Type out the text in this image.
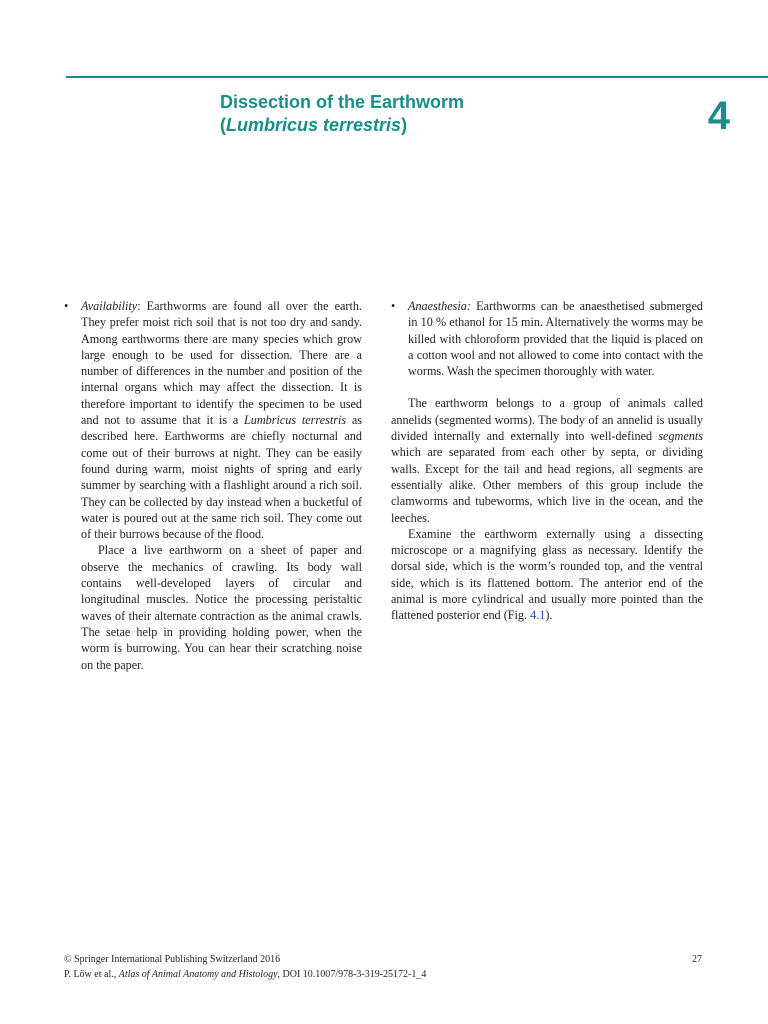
Dissection of the Earthworm
(Lumbricus terrestris)	4

• Availability: Earthworms are found all over the earth. They prefer moist rich soil that is not too dry and sandy. Among earthworms there are many species which grow large enough to be used for dissection. There are a number of differences in the number and position of the internal organs which may affect the dissection. It is therefore important to identify the specimen to be used and not to assume that it is a Lumbricus terrestris as described here. Earthworms are chiefly nocturnal and come out of their burrows at night. They can be easily found during warm, moist nights of spring and early summer by searching with a flashlight around a rich soil. They can be collected by day instead when a bucketful of water is poured out at the same rich soil. They come out of their burrows because of the flood.

Place a live earthworm on a sheet of paper and observe the mechanics of crawling. Its body wall contains well-developed layers of circular and longitudinal muscles. Notice the processing peristaltic waves of their alternate contraction as the animal crawls. The setae help in providing holding power, when the worm is burrowing. You can hear their scratching noise on the paper.

• Anaesthesia: Earthworms can be anaesthetised submerged in 10 % ethanol for 15 min. Alternatively the worms may be killed with chloroform provided that the liquid is placed on a cotton wool and not allowed to come into contact with the worms. Wash the specimen thoroughly with water.

The earthworm belongs to a group of animals called annelids (segmented worms). The body of an annelid is usually divided internally and externally into well-defined segments which are separated from each other by septa, or dividing walls. Except for the tail and head regions, all segments are essentially alike. Other members of this group include the clamworms and tubeworms, which live in the ocean, and the leeches.

Examine the earthworm externally using a dissecting microscope or a magnifying glass as necessary. Identify the dorsal side, which is the worm’s rounded top, and the ventral side, which is its flattened bottom. The anterior end of the animal is more cylindrical and usually more pointed than the flattened posterior end (Fig. 4.1).

© Springer International Publishing Switzerland 2016
P. Lőw et al., Atlas of Animal Anatomy and Histology, DOI 10.1007/978-3-319-25172-1_4
27
